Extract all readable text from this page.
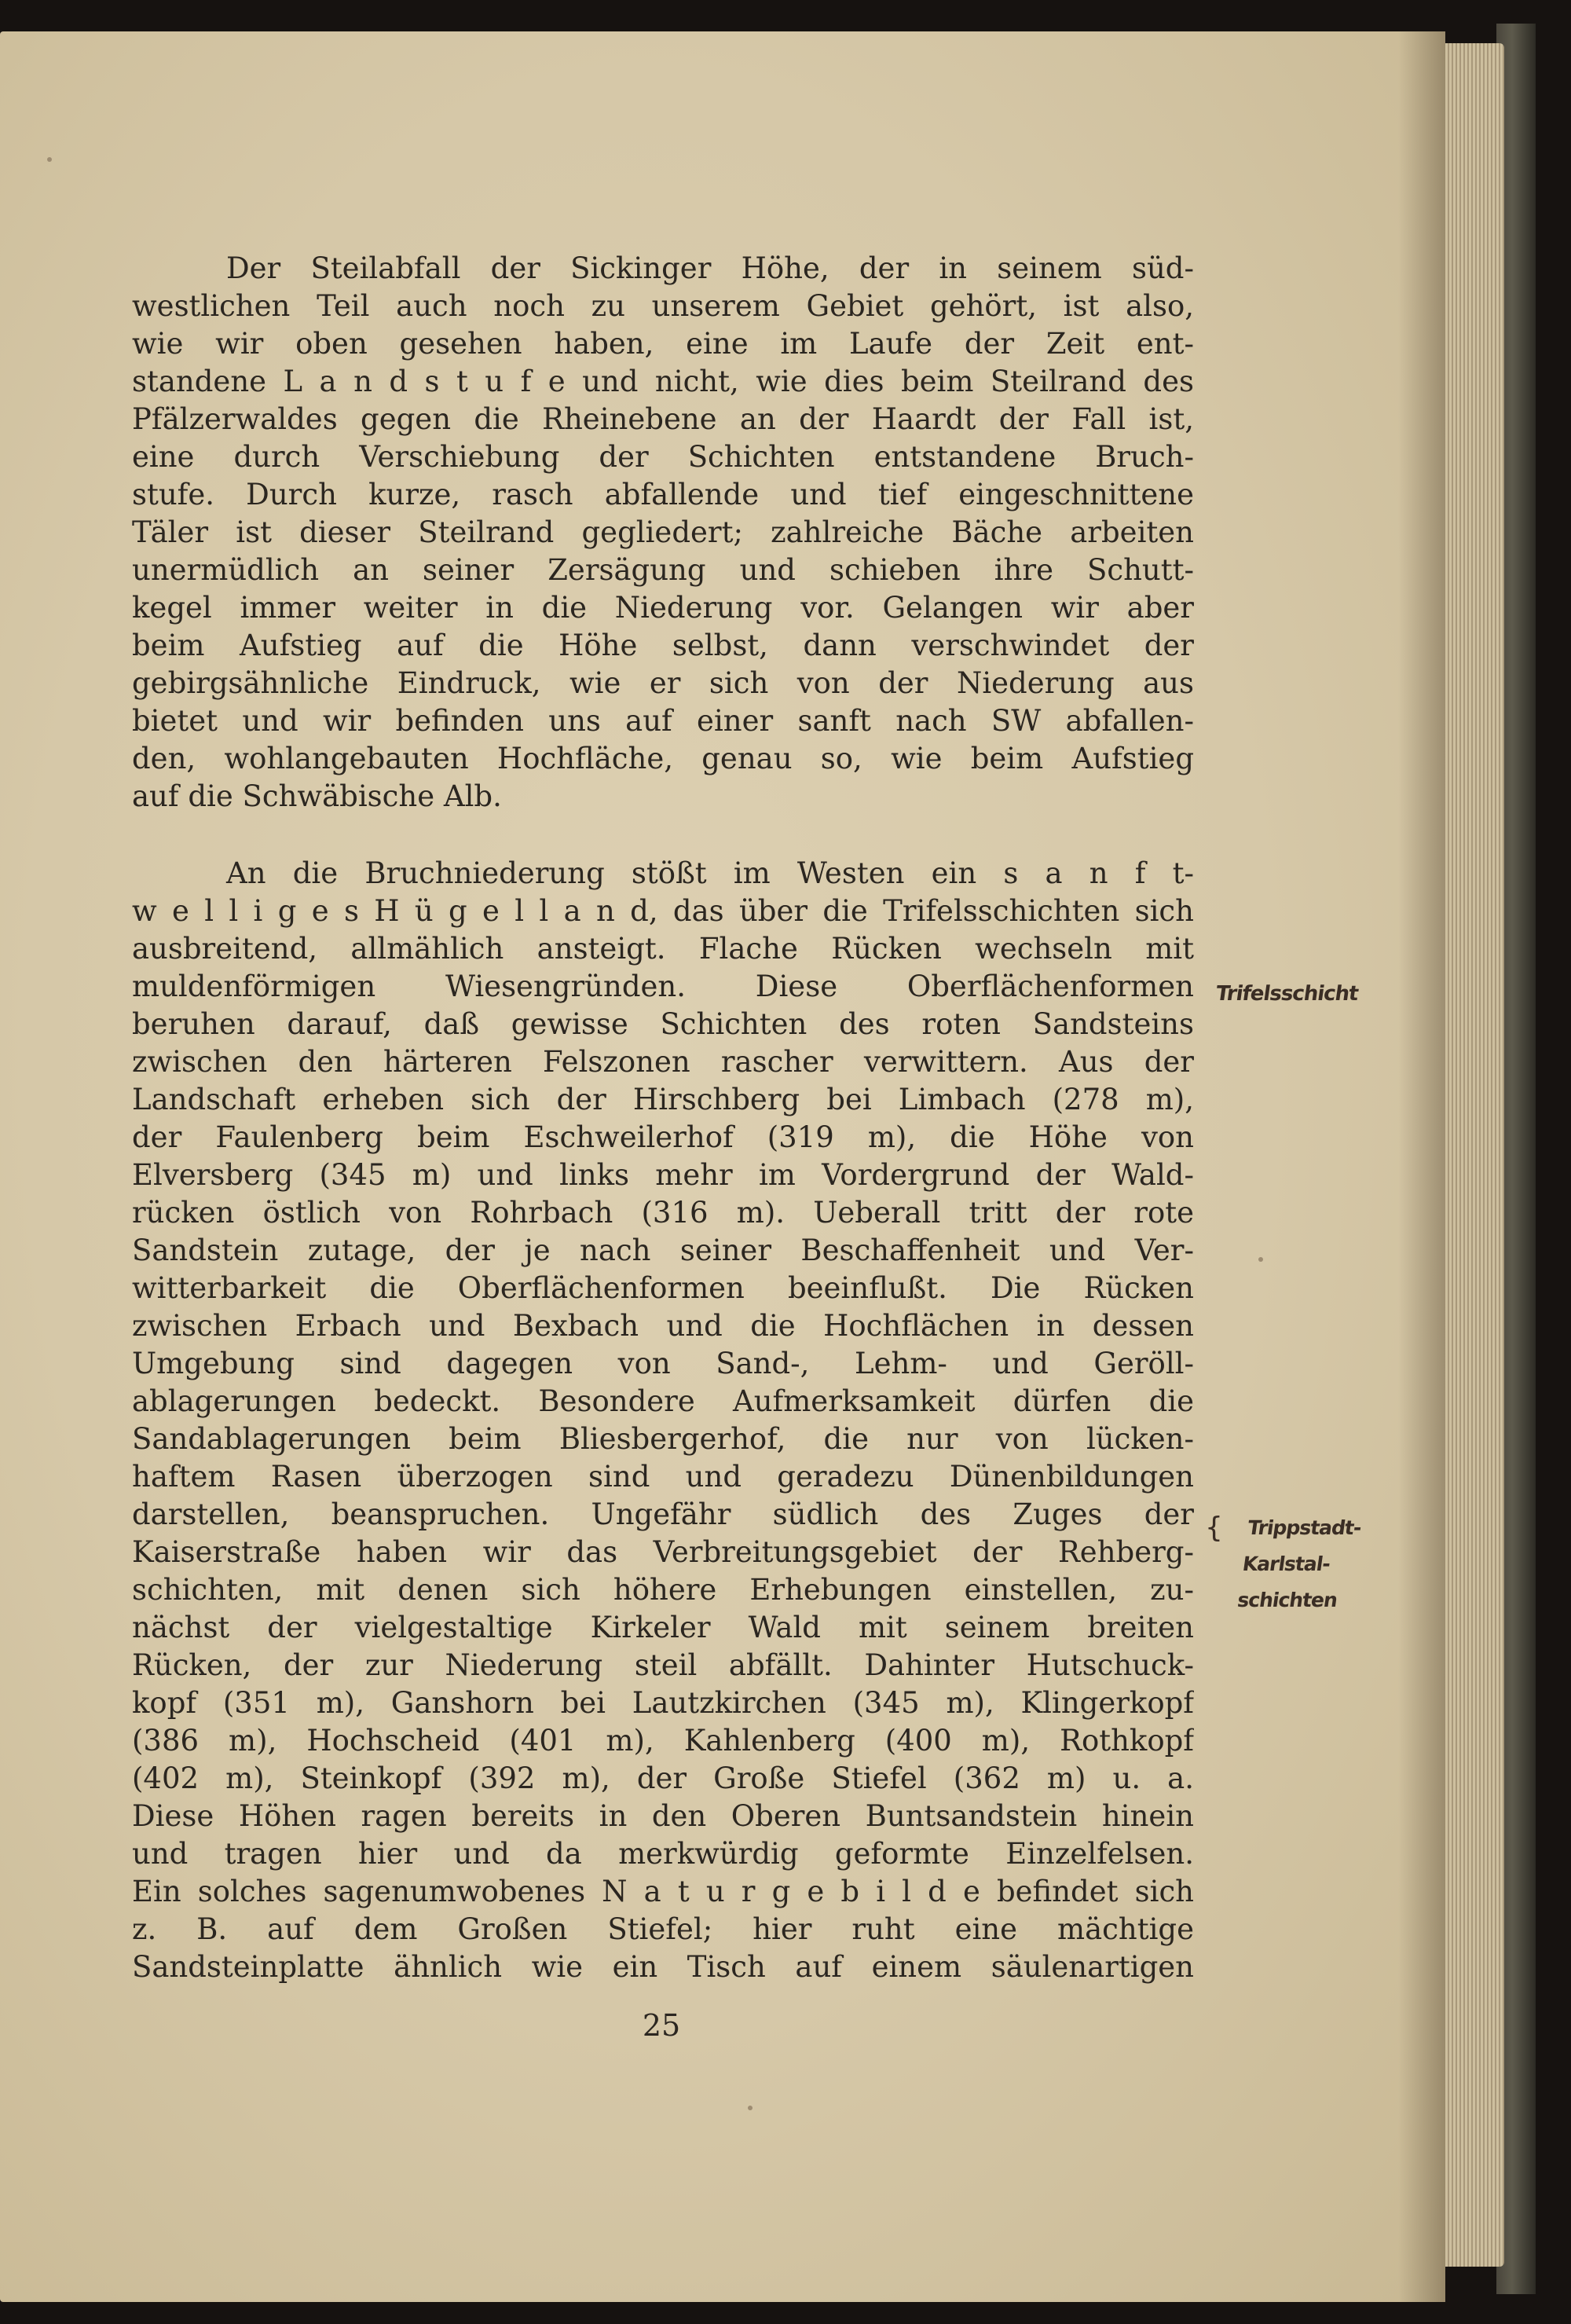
Der Steilabfall der Sickinger Höhe, der in seinem süd-
westlichen Teil auch noch zu unserem Gebiet gehört, ist also,
wie wir oben gesehen haben, eine im Laufe der Zeit ent-
standene L a n d s t u f e und nicht, wie dies beim Steilrand des
Pfälzerwaldes gegen die Rheinebene an der Haardt der Fall ist,
eine durch Verschiebung der Schichten entstandene Bruch-
stufe. Durch kurze, rasch abfallende und tief eingeschnittene
Täler ist dieser Steilrand gegliedert; zahlreiche Bäche arbeiten
unermüdlich an seiner Zersägung und schieben ihre Schutt-
kegel immer weiter in die Niederung vor. Gelangen wir aber
beim Aufstieg auf die Höhe selbst, dann verschwindet der
gebirgsähnliche Eindruck, wie er sich von der Niederung aus
bietet und wir befinden uns auf einer sanft nach SW abfallen-
den, wohlangebauten Hochfläche, genau so, wie beim Aufstieg
auf die Schwäbische Alb.
An die Bruchniederung stößt im Westen ein s a n f t-
w e l l i g e s H ü g e l l a n d, das über die Trifelsschichten sich
ausbreitend, allmählich ansteigt. Flache Rücken wechseln mit
muldenförmigen Wiesengründen. Diese Oberflächenformen
beruhen darauf, daß gewisse Schichten des roten Sandsteins
zwischen den härteren Felszonen rascher verwittern. Aus der
Landschaft erheben sich der Hirschberg bei Limbach (278 m),
der Faulenberg beim Eschweilerhof (319 m), die Höhe von
Elversberg (345 m) und links mehr im Vordergrund der Wald-
rücken östlich von Rohrbach (316 m). Ueberall tritt der rote
Sandstein zutage, der je nach seiner Beschaffenheit und Ver-
witterbarkeit die Oberflächenformen beeinflußt. Die Rücken
zwischen Erbach und Bexbach und die Hochflächen in dessen
Umgebung sind dagegen von Sand-, Lehm- und Geröll-
ablagerungen bedeckt. Besondere Aufmerksamkeit dürfen die
Sandablagerungen beim Bliesbergerhof, die nur von lücken-
haftem Rasen überzogen sind und geradezu Dünenbildungen
darstellen, beanspruchen. Ungefähr südlich des Zuges der
Kaiserstraße haben wir das Verbreitungsgebiet der Rehberg-
schichten, mit denen sich höhere Erhebungen einstellen, zu-
nächst der vielgestaltige Kirkeler Wald mit seinem breiten
Rücken, der zur Niederung steil abfällt. Dahinter Hutschuck-
kopf (351 m), Ganshorn bei Lautzkirchen (345 m), Klingerkopf
(386 m), Hochscheid (401 m), Kahlenberg (400 m), Rothkopf
(402 m), Steinkopf (392 m), der Große Stiefel (362 m) u. a.
Diese Höhen ragen bereits in den Oberen Buntsandstein hinein
und tragen hier und da merkwürdig geformte Einzelfelsen.
Ein solches sagenumwobenes N a t u r g e b i l d e befindet sich
z. B. auf dem Großen Stiefel; hier ruht eine mächtige
Sandsteinplatte ähnlich wie ein Tisch auf einem säulenartigen
Trifelsschicht
{ Trippstadt-
Karlstal-
schichten
25
